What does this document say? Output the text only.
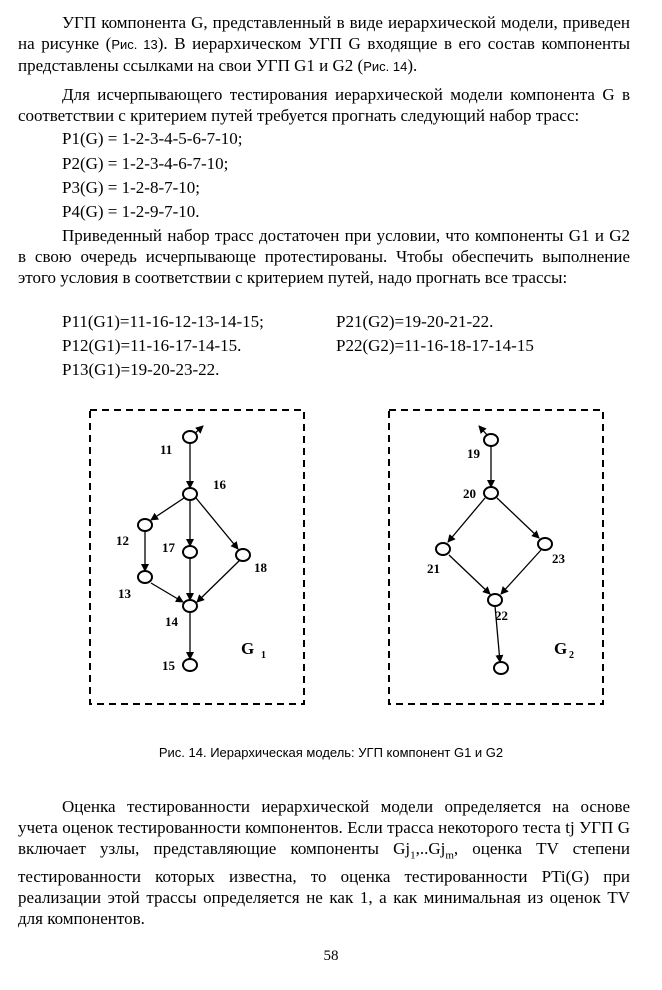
УГП компонента G, представленный в виде иерархической модели, приведен на рисунке (Рис. 13). В иерархическом УГП G входящие в его состав компоненты представлены ссылками на свои УГП G1 и G2 (Рис. 14).

Для исчерпывающего тестирования иерархической модели компонента G в соответствии с критерием путей требуется прогнать следующий набор трасс:

P1(G) = 1-2-3-4-5-6-7-10;
P2(G) = 1-2-3-4-6-7-10;
P3(G) = 1-2-8-7-10;
P4(G) = 1-2-9-7-10.

Приведенный набор трасс достаточен при условии, что компоненты G1 и G2 в свою очередь исчерпывающе протестированы. Чтобы обеспечить выполнение этого условия в соответствии с критерием путей, надо прогнать все трассы:

P11(G1)=11-16-12-13-14-15;
P12(G1)=11-16-17-14-15.
P13(G1)=19-20-23-22.
P21(G2)=19-20-21-22.
P22(G2)=11-16-18-17-14-15
11
16
12	17
18
13
14
15
G 1
19
20
21
23
22
G 2
Рис. 14. Иерархическая модель: УГП компонент G1 и G2

Оценка тестированности иерархической модели определяется на основе учета оценок тестированности компонентов. Если трасса некоторого теста tj УГП G включает узлы, представляющие компоненты $Gj_1,..Gj_m$, оценка TV степени тестированности которых известна, то оценка тестированности PTi(G) при реализации этой трассы определяется не как 1, а как минимальная из оценок TV для компонентов.

58
